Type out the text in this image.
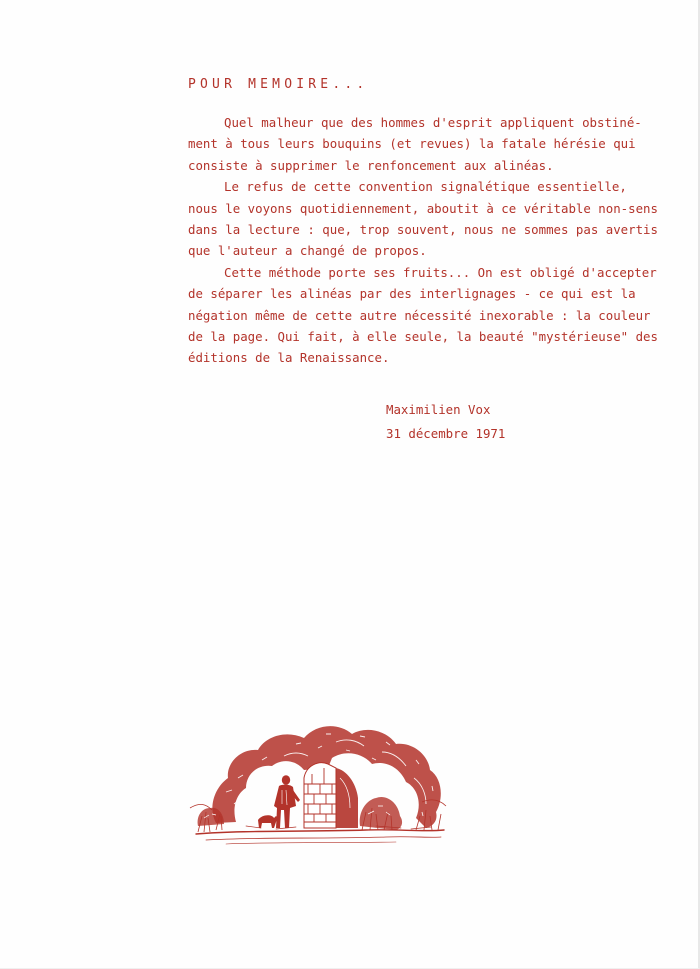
POUR MEMOIRE...

Quel malheur que des hommes d'esprit appliquent obstiné-
ment à tous leurs bouquins (et revues) la fatale hérésie qui
consiste à supprimer le renfoncement aux alinéas.

Le refus de cette convention signalétique essentielle,
nous le voyons quotidiennement, aboutit à ce véritable non-sens
dans la lecture : que, trop souvent, nous ne sommes pas avertis
que l'auteur a changé de propos.

Cette méthode porte ses fruits... On est obligé d'accepter
de séparer les alinéas par des interlignages - ce qui est la
négation même de cette autre nécessité inexorable : la couleur
de la page. Qui fait, à elle seule, la beauté "mystérieuse" des
éditions de la Renaissance.

Maximilien Vox
31 décembre 1971
